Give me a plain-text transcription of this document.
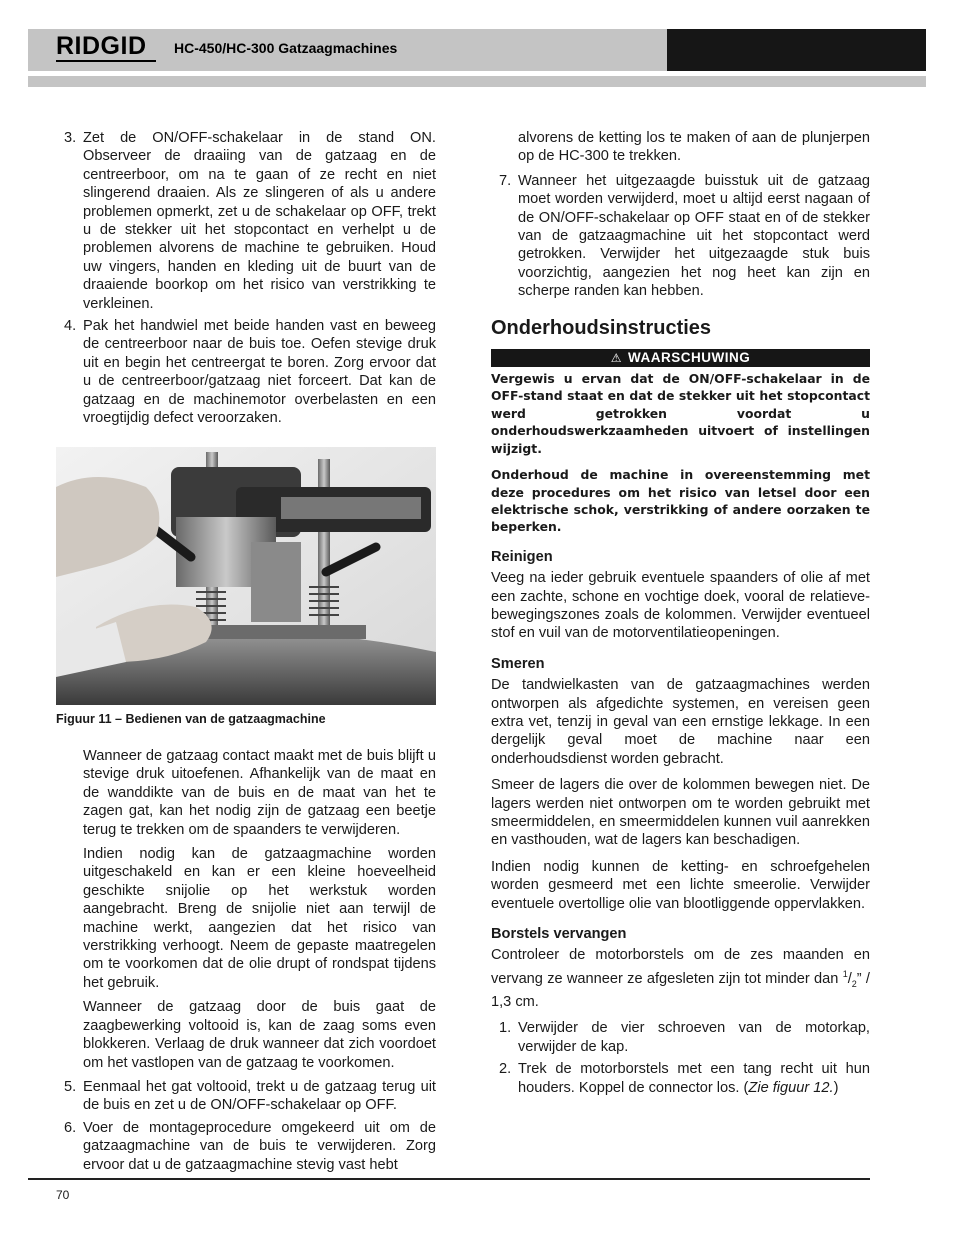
RIDGID HC-450/HC-300 Gatzaagmachines
3. Zet de ON/OFF-schakelaar in de stand ON. Observeer de draaiing van de gatzaag en de centreerboor, om na te gaan of ze recht en niet slingerend draaien. Als ze slingeren of als u andere problemen opmerkt, zet u de schakelaar op OFF, trekt u de stekker uit het stopcontact en verhelpt u de problemen alvorens de machine te gebruiken. Houd uw vingers, handen en kleding uit de buurt van de draaiende boorkop om het risico van verstrikking te verkleinen.
4. Pak het handwiel met beide handen vast en beweeg de centreerboor naar de buis toe. Oefen stevige druk uit en begin het centreergat te boren. Zorg ervoor dat u de centreerboor/gatzaag niet forceert. Dat kan de gatzaag en de machinemotor overbelasten en een vroegtijdig defect veroorzaken.
Figuur 11 – Bedienen van de gatzaagmachine

Wanneer de gatzaag contact maakt met de buis blijft u stevige druk uitoefenen. Afhankelijk van de maat en de wanddikte van de buis en de maat van het te zagen gat, kan het nodig zijn de gatzaag een beetje terug te trekken om de spaanders te verwijderen.

Indien nodig kan de gatzaagmachine worden uitgeschakeld en kan er een kleine hoeveelheid geschikte snijolie op het werkstuk worden aangebracht. Breng de snijolie niet aan terwijl de machine werkt, aangezien dat het risico van verstrikking verhoogt. Neem de gepaste maatregelen om te voorkomen dat de olie drupt of rondspat tijdens het gebruik.

Wanneer de gatzaag door de buis gaat de zaagbewerking voltooid is, kan de zaag soms even blokkeren. Verlaag de druk wanneer dat zich voordoet om het vastlopen van de gatzaag te voorkomen.

5. Eenmaal het gat voltooid, trekt u de gatzaag terug uit de buis en zet u de ON/OFF-schakelaar op OFF.
6. Voer de montageprocedure omgekeerd uit om de gatzaagmachine van de buis te verwijderen. Zorg ervoor dat u de gatzaagmachine stevig vast hebt

alvorens de ketting los te maken of aan de plunjerpen op de HC-300 te trekken.

7. Wanneer het uitgezaagde buisstuk uit de gatzaag moet worden verwijderd, moet u altijd eerst nagaan of de ON/OFF-schakelaar op OFF staat en of de stekker van de gatzaagmachine uit het stopcontact werd getrokken. Verwijder het uitgezaagde stuk buis voorzichtig, aangezien het nog heet kan zijn en scherpe randen kan hebben.
Onderhoudsinstructies
⚠ WAARSCHUWING

Vergewis u ervan dat de ON/OFF-schakelaar in de OFF-stand staat en dat de stekker uit het stopcontact werd getrokken voordat u onderhoudswerkzaamheden uitvoert of instellingen wijzigt.

Onderhoud de machine in overeenstemming met deze procedures om het risico van letsel door een elektrische schok, verstrikking of andere oorzaken te beperken.

Reinigen

Veeg na ieder gebruik eventuele spaanders of olie af met een zachte, schone en vochtige doek, vooral de relatieve-bewegingszones zoals de kolommen. Verwijder eventueel stof en vuil van de motorventilatieopeningen.

Smeren

De tandwielkasten van de gatzaagmachines werden ontworpen als afgedichte systemen, en vereisen geen extra vet, tenzij in geval van een ernstige lekkage. In een dergelijk geval moet de machine naar een onderhoudsdienst worden gebracht.

Smeer de lagers die over de kolommen bewegen niet. De lagers werden niet ontworpen om te worden gebruikt met smeermiddelen, en smeermiddelen kunnen vuil aanrekken en vasthouden, wat de lagers kan beschadigen.

Indien nodig kunnen de ketting- en schroefgehelen worden gesmeerd met een lichte smeerolie. Verwijder eventuele overtollige olie van blootliggende oppervlakken.

Borstels vervangen

Controleer de motorborstels om de zes maanden en vervang ze wanneer ze afgesleten zijn tot minder dan $^1/_2$” / 1,3 cm.

1. Verwijder de vier schroeven van de motorkap, verwijder de kap.
2. Trek de motorborstels met een tang recht uit hun houders. Koppel de connector los. (Zie figuur 12.)
70
